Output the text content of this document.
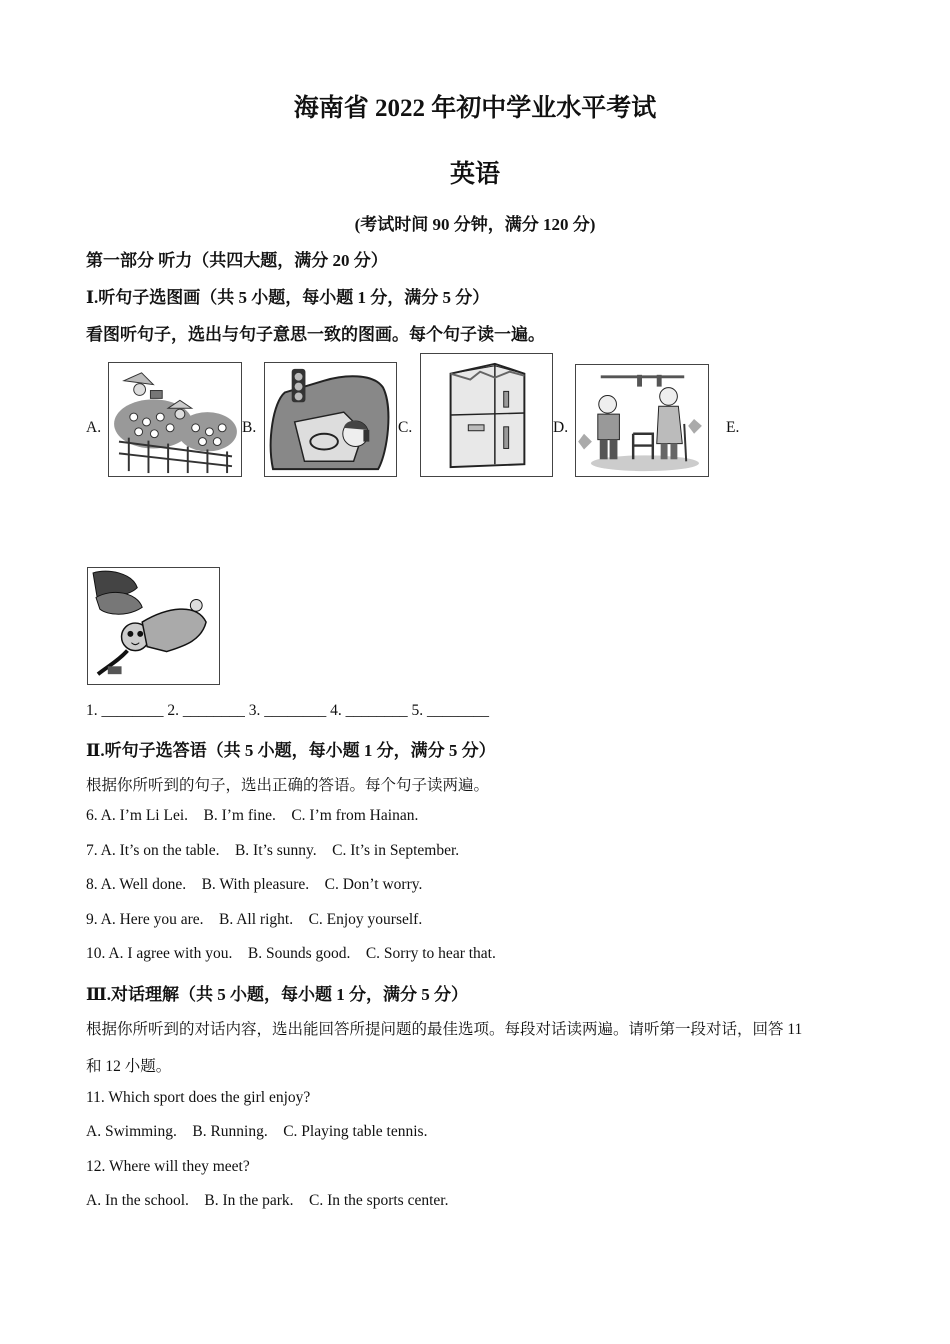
海南省 2022 年初中学业水平考试
英语
(考试时间 90 分钟，满分 120 分)
第一部分 听力（共四大题，满分 20 分）
Ⅰ.听句子选图画（共 5 小题，每小题 1 分，满分 5 分）
看图听句子，选出与句子意思一致的图画。每个句子读一遍。
A.	B.	C.	D.	E.
1. ________ 2. ________ 3. ________ 4. ________ 5. ________
Ⅱ.听句子选答语（共 5 小题，每小题 1 分，满分 5 分）
根据你所听到的句子，选出正确的答语。每个句子读两遍。
6. A. I’m Li Lei.    B. I’m fine.    C. I’m from Hainan.
7. A. It’s on the table.    B. It’s sunny.    C. It’s in September.
8. A. Well done.    B. With pleasure.    C. Don’t worry.
9. A. Here you are.    B. All right.    C. Enjoy yourself.
10. A. I agree with you.    B. Sounds good.    C. Sorry to hear that.
Ⅲ.对话理解（共 5 小题，每小题 1 分，满分 5 分）
根据你所听到的对话内容，选出能回答所提问题的最佳选项。每段对话读两遍。请听第一段对话，回答 11
和 12 小题。
11. Which sport does the girl enjoy?
A. Swimming.    B. Running.    C. Playing table tennis.
12. Where will they meet?
A. In the school.    B. In the park.    C. In the sports center.
